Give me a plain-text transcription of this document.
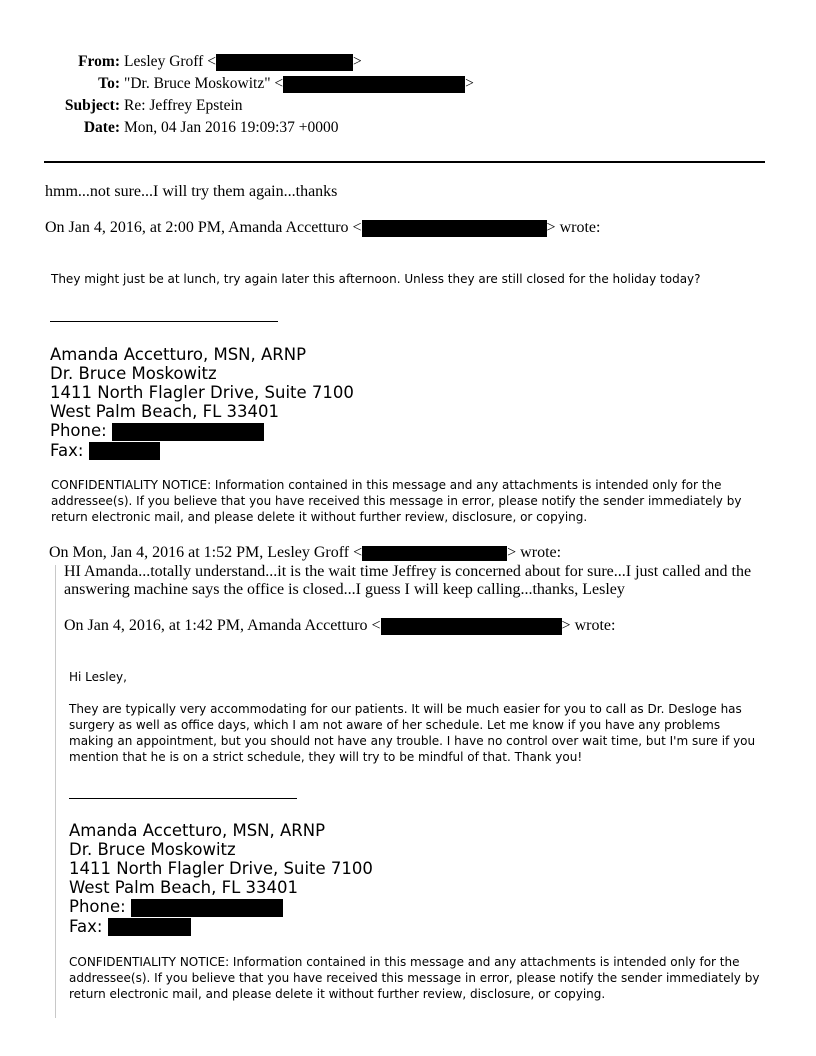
From: Lesley Groff <	>
To: "Dr. Bruce Moskowitz" <	>
Subject: Re: Jeffrey Epstein
Date: Mon, 04 Jan 2016 19:09:37 +0000
hmm...not sure...I will try them again...thanks
On Jan 4, 2016, at 2:00 PM, Amanda Accetturo <	> wrote:
They might just be at lunch, try again later this afternoon. Unless they are still closed for the holiday today?
Amanda Accetturo, MSN, ARNP
Dr. Bruce Moskowitz
1411 North Flagler Drive, Suite 7100
West Palm Beach, FL 33401
Phone:
Fax:
CONFIDENTIALITY NOTICE: Information contained in this message and any attachments is intended only for the addressee(s). If you believe that you have received this message in error, please notify the sender immediately by return electronic mail, and please delete it without further review, disclosure, or copying.
On Mon, Jan 4, 2016 at 1:52 PM, Lesley Groff <	> wrote:
HI Amanda...totally understand...it is the wait time Jeffrey is concerned about for sure...I just called and the
answering machine says the office is closed...I guess I will keep calling...thanks, Lesley
On Jan 4, 2016, at 1:42 PM, Amanda Accetturo <	> wrote:
Hi Lesley,
They are typically very accommodating for our patients. It will be much easier for you to call as Dr. Desloge has surgery as well as office days, which I am not aware of her schedule. Let me know if you have any problems making an appointment, but you should not have any trouble. I have no control over wait time, but I'm sure if you mention that he is on a strict schedule, they will try to be mindful of that. Thank you!
Amanda Accetturo, MSN, ARNP
Dr. Bruce Moskowitz
1411 North Flagler Drive, Suite 7100
West Palm Beach, FL 33401
Phone:
Fax:
CONFIDENTIALITY NOTICE: Information contained in this message and any attachments is intended only for the addressee(s). If you believe that you have received this message in error, please notify the sender immediately by return electronic mail, and please delete it without further review, disclosure, or copying.
